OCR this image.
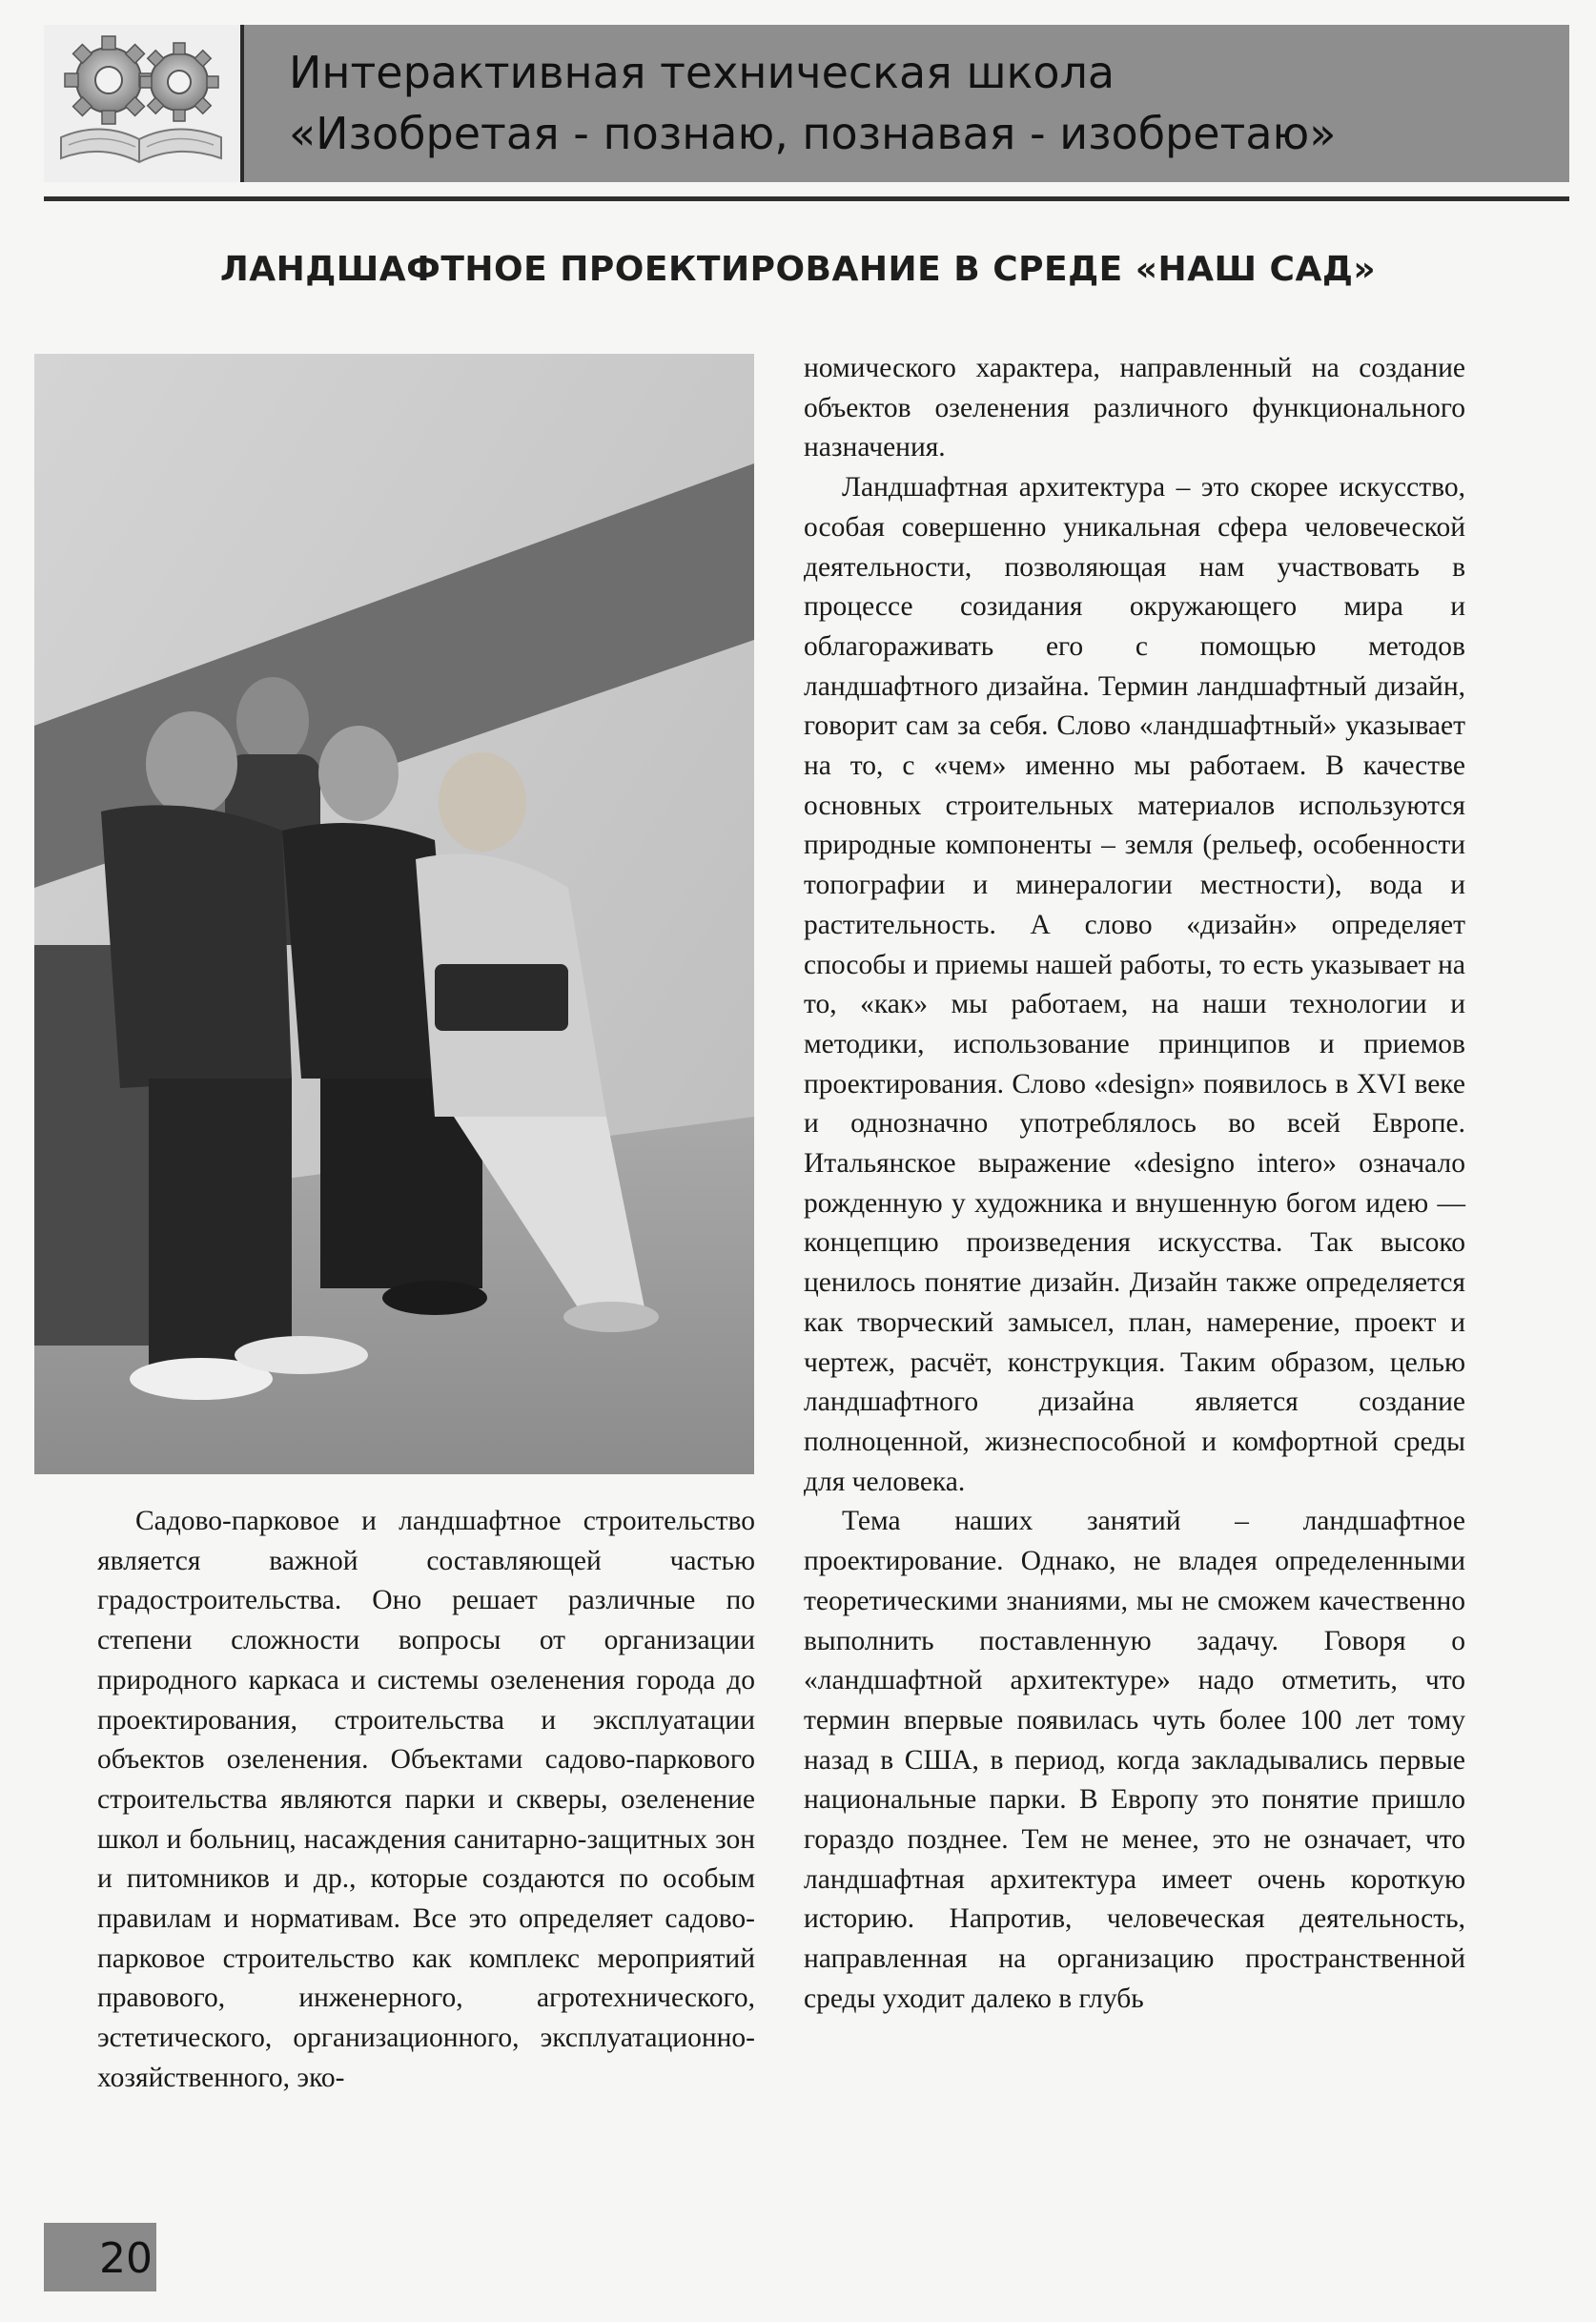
Интерактивная техническая школа
«Изобретая - познаю, познавая - изобретаю»
ЛАНДШАФТНОЕ ПРОЕКТИРОВАНИЕ В СРЕДЕ «НАШ САД»

номического характера, направленный на создание объектов озеленения различного функционального назначения.

Ландшафтная архитектура – это скорее искусство, особая совершенно уникальная сфера человеческой деятельности, позволяющая нам участвовать в процессе созидания окружающего мира и облагораживать его с помощью методов ландшафтного дизайна. Термин ландшафтный дизайн, говорит сам за себя. Слово «ландшафтный» указывает на то, с «чем» именно мы работаем. В качестве основных строительных материалов используются природные компоненты – земля (рельеф, особенности топографии и минералогии местности), вода и растительность. А слово «дизайн» определяет способы и приемы нашей работы, то есть указывает на то, «как» мы работаем, на наши технологии и методики, использование принципов и приемов проектирования. Слово «design» появилось в XVI веке и однозначно употреблялось во всей Европе. Итальянское выражение «designo intero» означало рожденную у художника и внушенную богом идею — концепцию произведения искусства. Так высоко ценилось понятие дизайн. Дизайн также определяется как творческий замысел, план, намерение, проект и чертеж, расчёт, конструкция. Таким образом, целью ландшафтного дизайна является создание полноценной, жизнеспособной и комфортной среды для человека.

Тема наших занятий – ландшафтное проектирование. Однако, не владея определенными теоретическими знаниями, мы не сможем качественно выполнить поставленную задачу. Говоря о «ландшафтной архитектуре» надо отметить, что термин впервые появилась чуть более 100 лет тому назад в США, в период, когда закладывались первые национальные парки. В Европу это понятие пришло гораздо позднее. Тем не менее, это не означает, что ландшафтная архитектура имеет очень короткую историю. Напротив, человеческая деятельность, направленная на организацию пространственной среды уходит далеко в глубь

Садово-парковое и ландшафтное строительство является важной составляющей частью градостроительства. Оно решает различные по степени сложности вопросы от организации природного каркаса и системы озеленения города до проектирования, строительства и эксплуатации объектов озеленения. Объектами садово-паркового строительства являются парки и скверы, озеленение школ и больниц, насаждения санитарно-защитных зон и питомников и др., которые создаются по особым правилам и нормативам. Все это определяет садово-парковое строительство как комплекс мероприятий правового, инженерного, агротехнического, эстетического, организационного, эксплуатационно-хозяйственного, эко-

20
